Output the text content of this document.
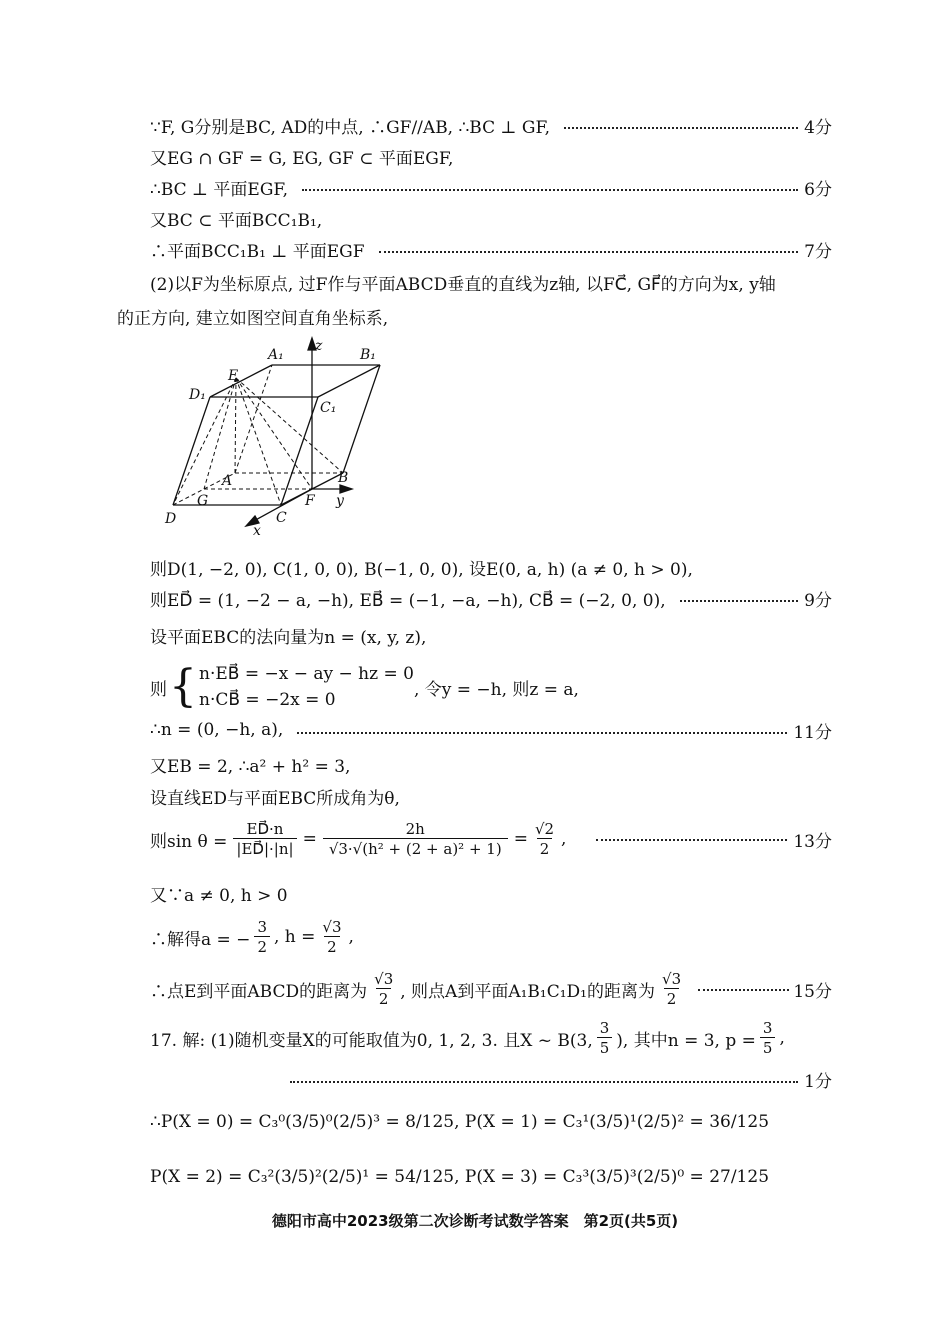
∵F, G分别是BC, AD的中点, ∴GF//AB, ∴BC ⊥ GF,	4分
又EG ∩ GF = G, EG, GF ⊂ 平面EGF,
∴BC ⊥ 平面EGF,	6分
又BC ⊂ 平面BCC₁B₁,
∴平面BCC₁B₁ ⊥ 平面EGF	7分
(2)以F为坐标原点, 过F作与平面ABCD垂直的直线为z轴, 以FC⃗, GF⃗的方向为x, y轴
的正方向, 建立如图空间直角坐标系,
z
A₁	B₁
D₁
E
C₁
A	B
G	F y
D	C
x
则D(1, −2, 0), C(1, 0, 0), B(−1, 0, 0), 设E(0, a, h) (a ≠ 0, h > 0),
则ED⃗ = (1, −2 − a, −h), EB⃗ = (−1, −a, −h), CB⃗ = (−2, 0, 0),	9分
设平面EBC的法向量为n = (x, y, z),
则 { n·EB⃗ = −x − ay − hz = 0
n·CB⃗ = −2x = 0
, 令y = −h, 则z = a,
∴n = (0, −h, a),	11分
又EB = 2, ∴a² + h² = 3,
设直线ED与平面EBC所成角为θ,
则$\sin \theta = \frac{ED⃗\cdot n}{|ED⃗|\cdot|n|} = \frac{2h}{\text{√3·√(h² + (2 + a)² + 1)}} = \frac{√2}{2}$ ,	13分
又∵a ≠ 0, h > 0
∴解得a = − $\frac{3}{2}$ , $h = \frac{√3}{2}$ ,
∴点E到平面ABCD的距离为
√3
2 , 则点A到平面A₁B₁C₁D₁的距离为
√3
2	15分
17. 解: (1)随机变量X的可能取值为0, 1, 2, 3. 且X ~ B(3,
3
5 ), 其中n = 3, $p = \frac{3}{5}$ ,
1分
∴P(X = 0) = C₃⁰(3/5)⁰(2/5)³ = 8/125, P(X = 1) = C₃¹(3/5)¹(2/5)² = 36/125
P(X = 2) = C₃²(3/5)²(2/5)¹ = 54/125, P(X = 3) = C₃³(3/5)³(2/5)⁰ = 27/125
德阳市高中2023级第二次诊断考试数学答案　第2页(共5页)
